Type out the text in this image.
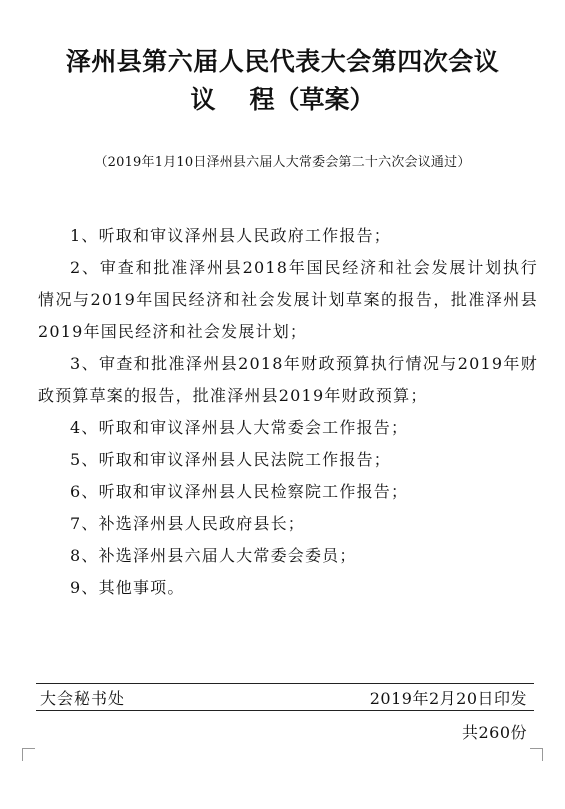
泽州县第六届人民代表大会第四次会议
议 程（草案）
（2019年1月10日泽州县六届人大常委会第二十六次会议通过）

1、听取和审议泽州县人民政府工作报告；

2、审查和批准泽州县2018年国民经济和社会发展计划执行情况与2019年国民经济和社会发展计划草案的报告，批准泽州县2019年国民经济和社会发展计划；

3、审查和批准泽州县2018年财政预算执行情况与2019年财政预算草案的报告，批准泽州县2019年财政预算；

4、听取和审议泽州县人大常委会工作报告；

5、听取和审议泽州县人民法院工作报告；

6、听取和审议泽州县人民检察院工作报告；

7、补选泽州县人民政府县长；

8、补选泽州县六届人大常委会委员；

9、其他事项。

大会秘书处	2019年2月20日印发
共260份
